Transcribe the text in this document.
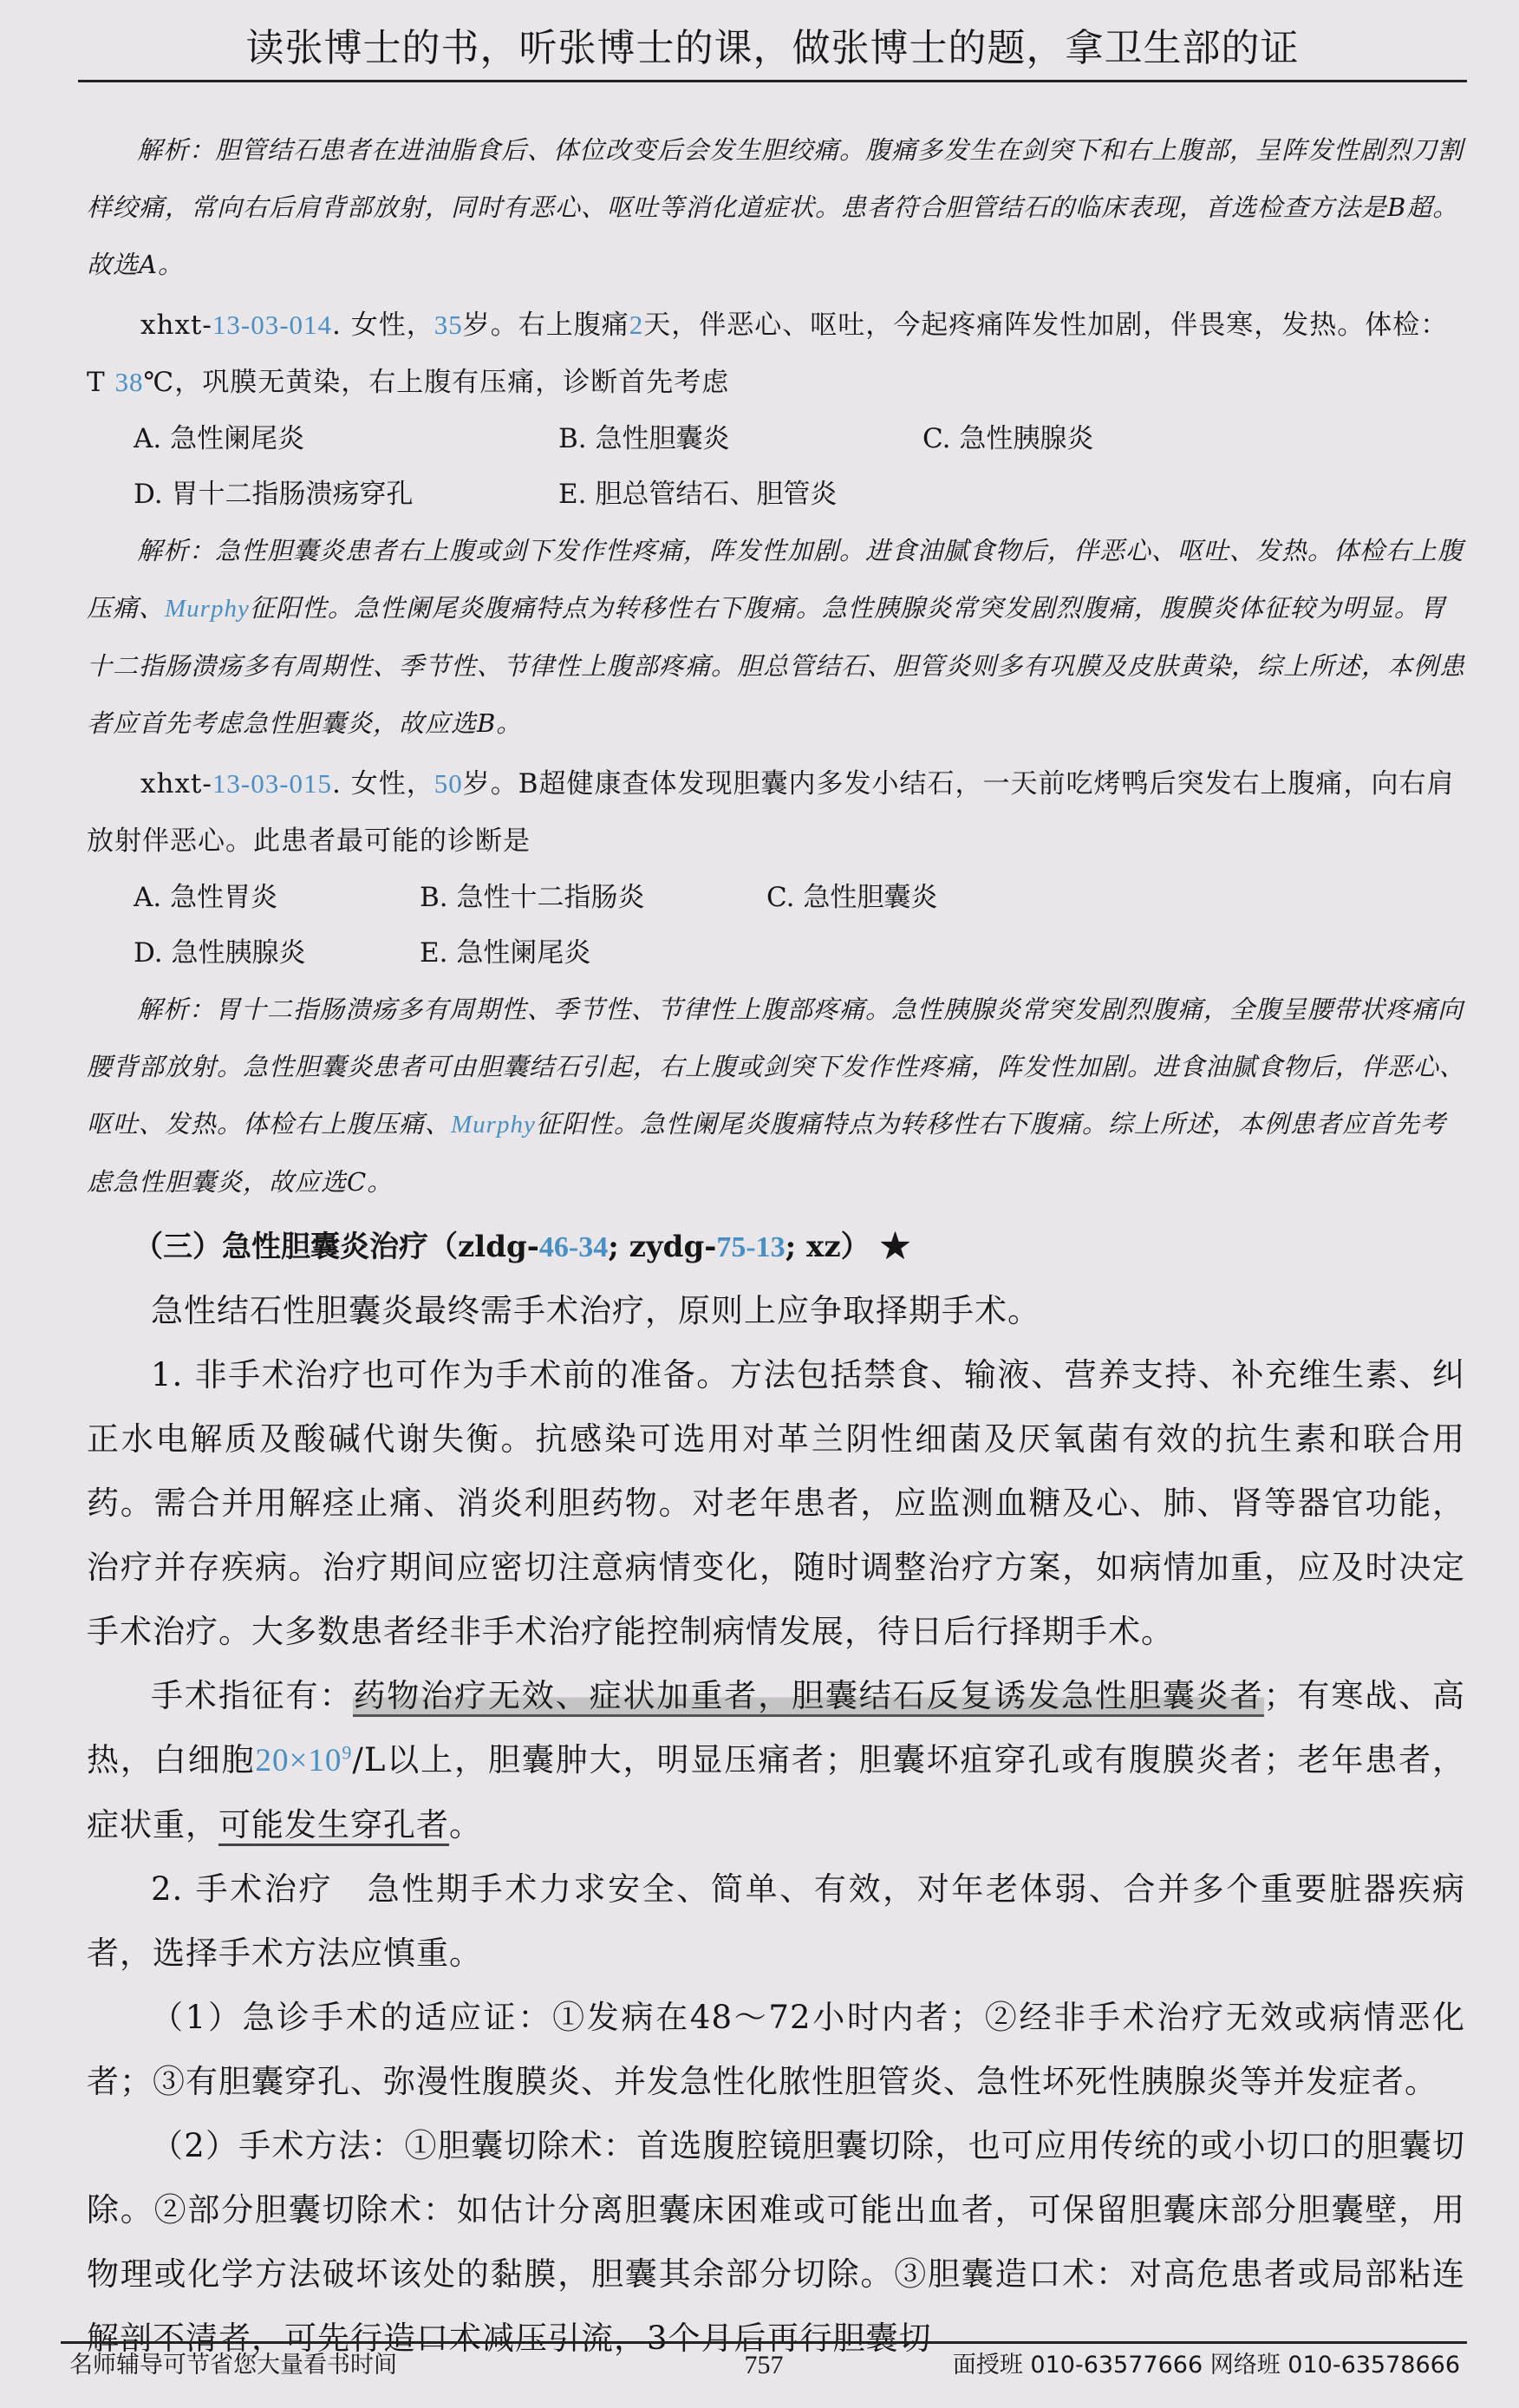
读张博士的书，听张博士的课，做张博士的题，拿卫生部的证

解析：胆管结石患者在进油脂食后、体位改变后会发生胆绞痛。腹痛多发生在剑突下和右上腹部，呈阵发性剧烈刀割样绞痛，常向右后肩背部放射，同时有恶心、呕吐等消化道症状。患者符合胆管结石的临床表现，首选检查方法是B超。故选A。

xhxt-13-03-014. 女性，35岁。右上腹痛2天，伴恶心、呕吐，今起疼痛阵发性加剧，伴畏寒，发热。体检：T 38℃，巩膜无黄染，右上腹有压痛，诊断首先考虑

A. 急性阑尾炎	B. 急性胆囊炎	C. 急性胰腺炎
D. 胃十二指肠溃疡穿孔	E. 胆总管结石、胆管炎

解析：急性胆囊炎患者右上腹或剑下发作性疼痛，阵发性加剧。进食油腻食物后，伴恶心、呕吐、发热。体检右上腹压痛、Murphy征阳性。急性阑尾炎腹痛特点为转移性右下腹痛。急性胰腺炎常突发剧烈腹痛，腹膜炎体征较为明显。胃十二指肠溃疡多有周期性、季节性、节律性上腹部疼痛。胆总管结石、胆管炎则多有巩膜及皮肤黄染，综上所述，本例患者应首先考虑急性胆囊炎，故应选B。

xhxt-13-03-015. 女性，50岁。B超健康查体发现胆囊内多发小结石，一天前吃烤鸭后突发右上腹痛，向右肩放射伴恶心。此患者最可能的诊断是

A. 急性胃炎	B. 急性十二指肠炎	C. 急性胆囊炎
D. 急性胰腺炎	E. 急性阑尾炎

解析：胃十二指肠溃疡多有周期性、季节性、节律性上腹部疼痛。急性胰腺炎常突发剧烈腹痛，全腹呈腰带状疼痛向腰背部放射。急性胆囊炎患者可由胆囊结石引起，右上腹或剑突下发作性疼痛，阵发性加剧。进食油腻食物后，伴恶心、呕吐、发热。体检右上腹压痛、Murphy征阳性。急性阑尾炎腹痛特点为转移性右下腹痛。综上所述，本例患者应首先考虑急性胆囊炎，故应选C。

（三）急性胆囊炎治疗（zldg-46-34; zydg-75-13; xz） ★

急性结石性胆囊炎最终需手术治疗，原则上应争取择期手术。

1. 非手术治疗也可作为手术前的准备。方法包括禁食、输液、营养支持、补充维生素、纠正水电解质及酸碱代谢失衡。抗感染可选用对革兰阴性细菌及厌氧菌有效的抗生素和联合用药。需合并用解痉止痛、消炎利胆药物。对老年患者，应监测血糖及心、肺、肾等器官功能，治疗并存疾病。治疗期间应密切注意病情变化，随时调整治疗方案，如病情加重，应及时决定手术治疗。大多数患者经非手术治疗能控制病情发展，待日后行择期手术。

手术指征有：药物治疗无效、症状加重者，胆囊结石反复诱发急性胆囊炎者；有寒战、高热，白细胞$20\times 10^9/L$以上，胆囊肿大，明显压痛者；胆囊坏疽穿孔或有腹膜炎者；老年患者，症状重，可能发生穿孔者。

2. 手术治疗　急性期手术力求安全、简单、有效，对年老体弱、合并多个重要脏器疾病者，选择手术方法应慎重。

（1）急诊手术的适应证：①发病在48～72小时内者；②经非手术治疗无效或病情恶化者；③有胆囊穿孔、弥漫性腹膜炎、并发急性化脓性胆管炎、急性坏死性胰腺炎等并发症者。

（2）手术方法：①胆囊切除术：首选腹腔镜胆囊切除，也可应用传统的或小切口的胆囊切除。②部分胆囊切除术：如估计分离胆囊床困难或可能出血者，可保留胆囊床部分胆囊壁，用物理或化学方法破坏该处的黏膜，胆囊其余部分切除。③胆囊造口术：对高危患者或局部粘连解剖不清者，可先行造口术减压引流，3个月后再行胆囊切

757
名师辅导可节省您大量看书时间	面授班 010-63577666 网络班 010-63578666
